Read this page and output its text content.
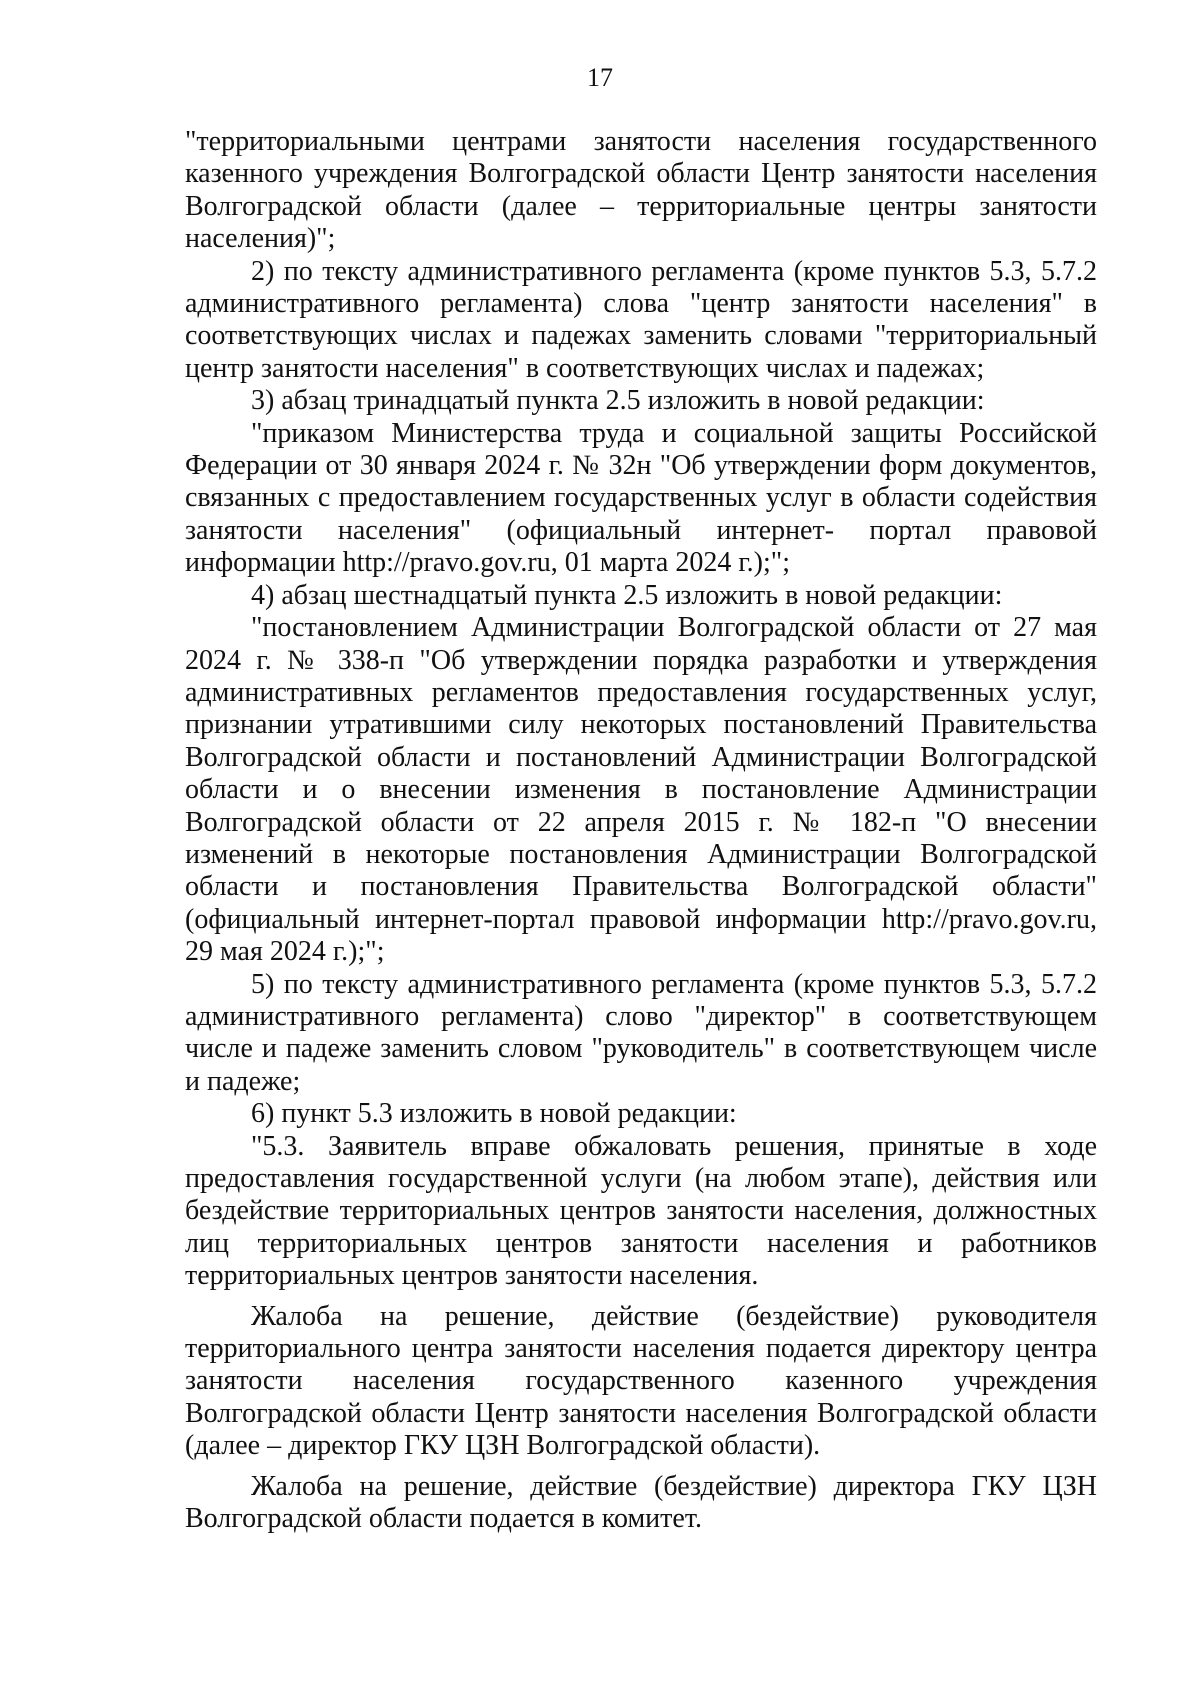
17

"территориальными центрами занятости населения государственного казенного учреждения Волгоградской области Центр занятости населения Волгоградской области (далее – территориальные центры занятости населения)";

2) по тексту административного регламента (кроме пунктов 5.3, 5.7.2 административного регламента) слова "центр занятости населения" в соответствующих числах и падежах заменить словами "территориальный центр занятости населения" в соответствующих числах и падежах;

3) абзац тринадцатый пункта 2.5 изложить в новой редакции:

"приказом Министерства труда и социальной защиты Российской Федерации от 30 января 2024 г. № 32н "Об утверждении форм документов, связанных с предоставлением государственных услуг в области содействия занятости населения" (официальный интернет- портал правовой информации http://pravo.gov.ru, 01 марта 2024 г.);";

4) абзац шестнадцатый пункта 2.5 изложить в новой редакции:

"постановлением Администрации Волгоградской области от 27 мая 2024 г. № 338-п "Об утверждении порядка разработки и утверждения административных регламентов предоставления государственных услуг, признании утратившими силу некоторых постановлений Правительства Волгоградской области и постановлений Администрации Волгоградской области и о внесении изменения в постановление Администрации Волгоградской области от 22 апреля 2015 г. № 182-п "О внесении изменений в некоторые постановления Администрации Волгоградской области и постановления Правительства Волгоградской области" (официальный интернет-портал правовой информации http://pravo.gov.ru, 29 мая 2024 г.);";

5) по тексту административного регламента (кроме пунктов 5.3, 5.7.2 административного регламента) слово "директор" в соответствующем числе и падеже заменить словом "руководитель" в соответствующем числе и падеже;

6) пункт 5.3 изложить в новой редакции:

"5.3. Заявитель вправе обжаловать решения, принятые в ходе предоставления государственной услуги (на любом этапе), действия или бездействие территориальных центров занятости населения, должностных лиц территориальных центров занятости населения и работников территориальных центров занятости населения.

Жалоба на решение, действие (бездействие) руководителя территориального центра занятости населения подается директору центра занятости населения государственного казенного учреждения Волгоградской области Центр занятости населения Волгоградской области (далее – директор ГКУ ЦЗН Волгоградской области).

Жалоба на решение, действие (бездействие) директора ГКУ ЦЗН Волгоградской области подается в комитет.
